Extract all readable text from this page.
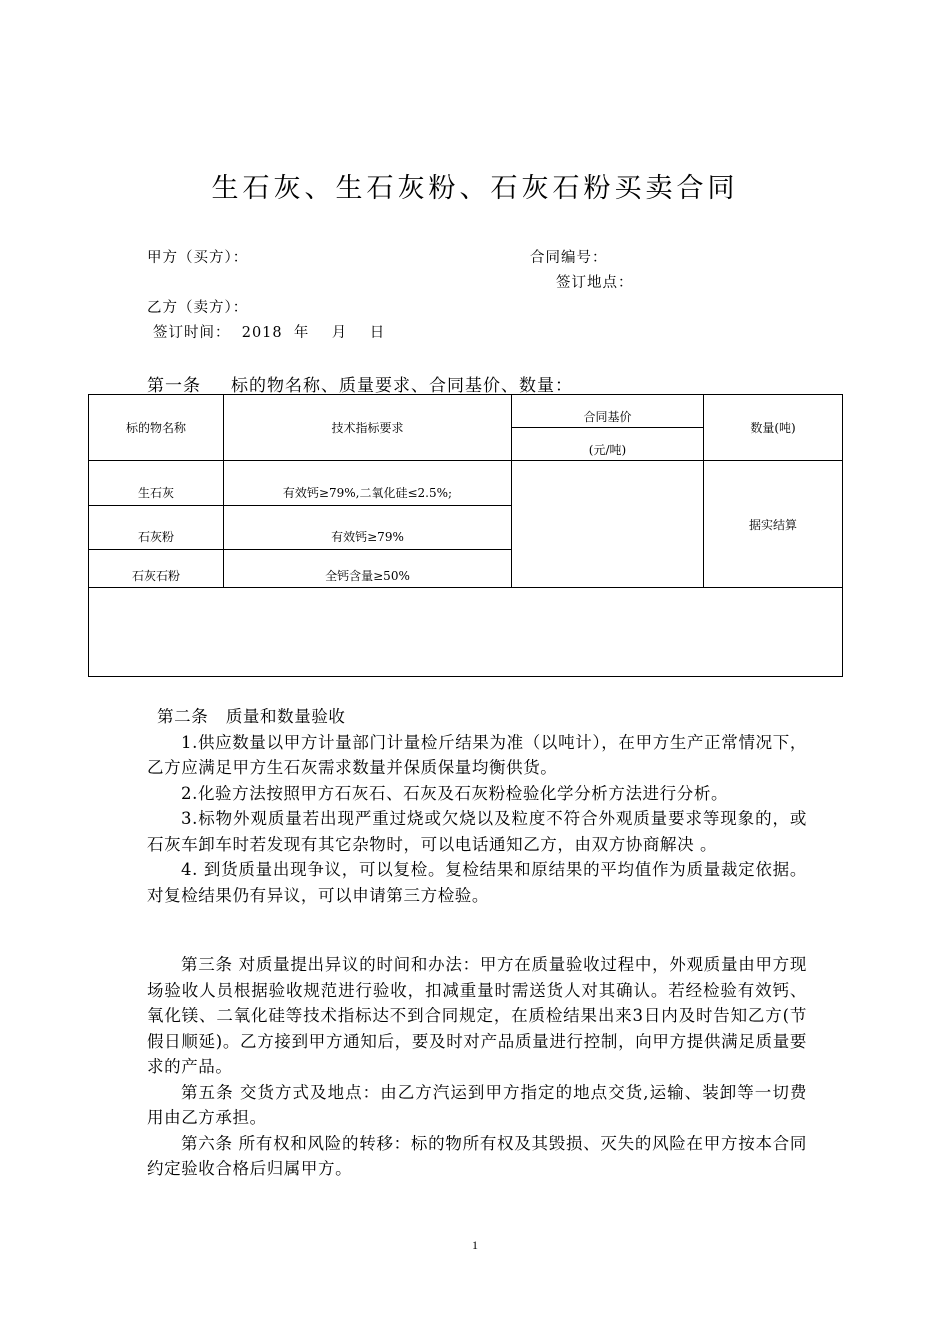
生石灰、生石灰粉、石灰石粉买卖合同
甲方（买方）：	合同编号：
签订地点：
乙方（卖方）：
签订时间：  2018  年    月    日
第一条 标的物名称、质量要求、合同基价、数量：
标的物名称	技术指标要求	合同基价	数量(吨)
		(元/吨)	
生石灰	有效钙≥79%,二氧化硅≤2.5%;		据实结算
石灰粉	有效钙≥79%		
石灰石粉	全钙含量≥50%		

第二条   质量和数量验收

1.供应数量以甲方计量部门计量检斤结果为准（以吨计），在甲方生产正常情况下，乙方应满足甲方生石灰需求数量并保质保量均衡供货。

2.化验方法按照甲方石灰石、石灰及石灰粉检验化学分析方法进行分析。

3.标物外观质量若出现严重过烧或欠烧以及粒度不符合外观质量要求等现象的，或石灰车卸车时若发现有其它杂物时，可以电话通知乙方，由双方协商解决 。

4. 到货质量出现争议，可以复检。复检结果和原结果的平均值作为质量裁定依据。对复检结果仍有异议，可以申请第三方检验。

第三条 对质量提出异议的时间和办法：甲方在质量验收过程中，外观质量由甲方现场验收人员根据验收规范进行验收，扣减重量时需送货人对其确认。若经检验有效钙、氧化镁、二氧化硅等技术指标达不到合同规定，在质检结果出来3日内及时告知乙方(节假日顺延)。乙方接到甲方通知后，要及时对产品质量进行控制，向甲方提供满足质量要求的产品。

第五条 交货方式及地点：由乙方汽运到甲方指定的地点交货,运输、装卸等一切费用由乙方承担。

第六条 所有权和风险的转移：标的物所有权及其毁损、灭失的风险在甲方按本合同约定验收合格后归属甲方。

1
